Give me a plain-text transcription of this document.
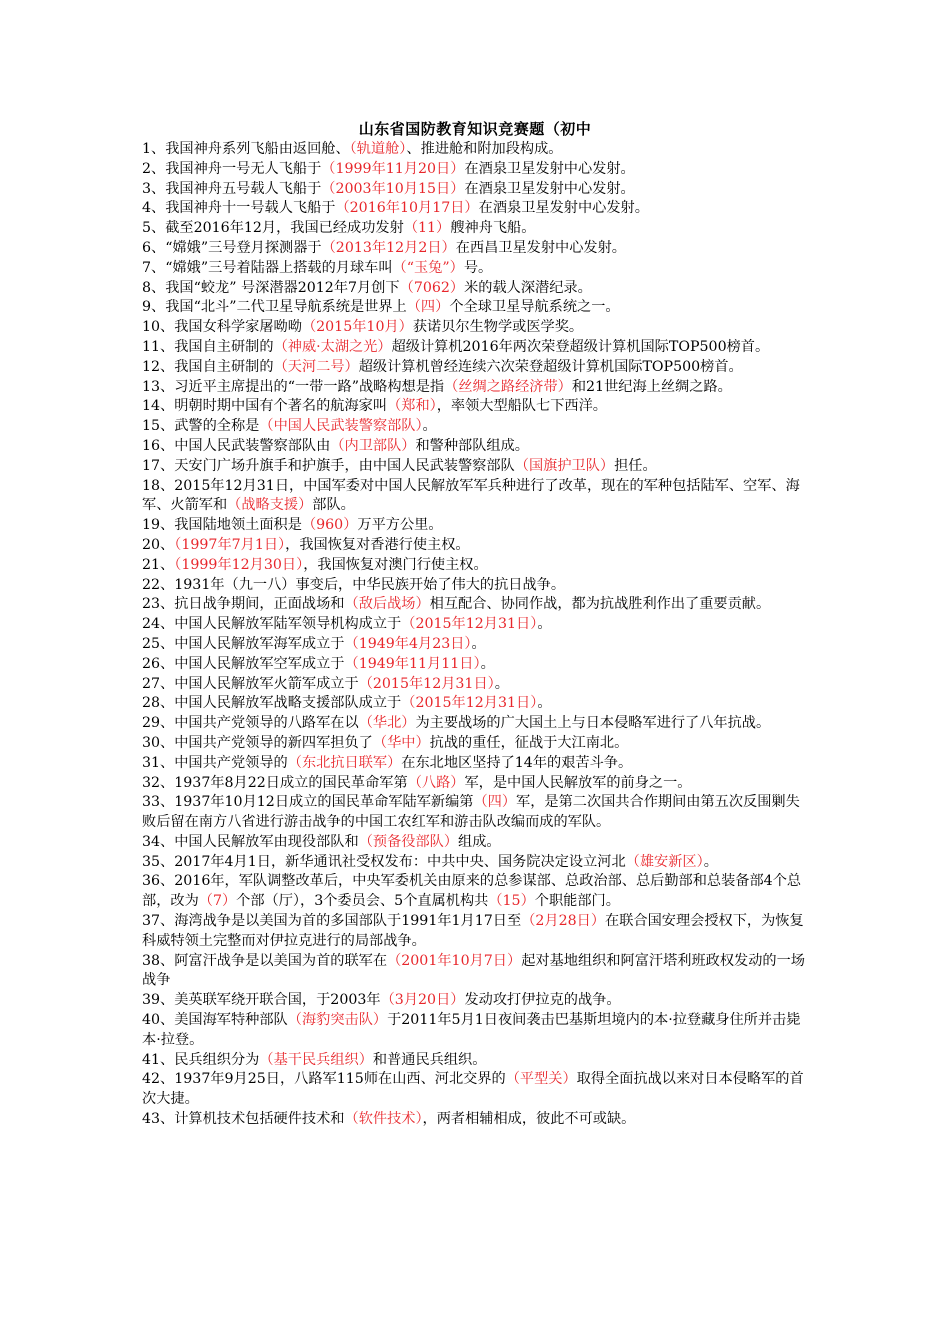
山东省国防教育知识竞赛题（初中
1、我国神舟系列飞船由返回舱、（轨道舱）、推进舱和附加段构成。
2、我国神舟一号无人飞船于（1999年11月20日）在酒泉卫星发射中心发射。
3、我国神舟五号载人飞船于（2003年10月15日）在酒泉卫星发射中心发射。
4、我国神舟十一号载人飞船于（2016年10月17日）在酒泉卫星发射中心发射。
5、截至2016年12月，我国已经成功发射（11）艘神舟飞船。
6、“嫦娥”三号登月探测器于（2013年12月2日）在西昌卫星发射中心发射。
7、“嫦娥”三号着陆器上搭载的月球车叫（“玉兔”）号。
8、我国“蛟龙” 号深潜器2012年7月创下（7062）米的载人深潜纪录。
9、我国“北斗”二代卫星导航系统是世界上（四）个全球卫星导航系统之一。
10、我国女科学家屠呦呦（2015年10月）获诺贝尔生物学或医学奖。
11、我国自主研制的（神威·太湖之光）超级计算机2016年两次荣登超级计算机国际TOP500榜首。
12、我国自主研制的（天河二号）超级计算机曾经连续六次荣登超级计算机国际TOP500榜首。
13、习近平主席提出的“一带一路”战略构想是指（丝绸之路经济带）和21世纪海上丝绸之路。
14、明朝时期中国有个著名的航海家叫（郑和），率领大型船队七下西洋。
15、武警的全称是（中国人民武装警察部队）。
16、中国人民武装警察部队由（内卫部队）和警种部队组成。
17、天安门广场升旗手和护旗手，由中国人民武装警察部队（国旗护卫队）担任。
18、2015年12月31日，中国军委对中国人民解放军军兵种进行了改革，现在的军种包括陆军、空军、海军、火箭军和（战略支援）部队。
19、我国陆地领土面积是（960）万平方公里。
20、（1997年7月1日），我国恢复对香港行使主权。
21、（1999年12月30日），我国恢复对澳门行使主权。
22、1931年（九一八）事变后，中华民族开始了伟大的抗日战争。
23、抗日战争期间，正面战场和（敌后战场）相互配合、协同作战，都为抗战胜利作出了重要贡献。
24、中国人民解放军陆军领导机构成立于（2015年12月31日）。
25、中国人民解放军海军成立于（1949年4月23日）。
26、中国人民解放军空军成立于（1949年11月11日）。
27、中国人民解放军火箭军成立于（2015年12月31日）。
28、中国人民解放军战略支援部队成立于（2015年12月31日）。
29、中国共产党领导的八路军在以（华北）为主要战场的广大国土上与日本侵略军进行了八年抗战。
30、中国共产党领导的新四军担负了（华中）抗战的重任，征战于大江南北。
31、中国共产党领导的（东北抗日联军）在东北地区坚持了14年的艰苦斗争。
32、1937年8月22日成立的国民革命军第（八路）军，是中国人民解放军的前身之一。
33、1937年10月12日成立的国民革命军陆军新编第（四）军，是第二次国共合作期间由第五次反围剿失败后留在南方八省进行游击战争的中国工农红军和游击队改编而成的军队。
34、中国人民解放军由现役部队和（预备役部队）组成。
35、2017年4月1日，新华通讯社受权发布：中共中央、国务院决定设立河北（雄安新区）。
36、2016年，军队调整改革后，中央军委机关由原来的总参谋部、总政治部、总后勤部和总装备部4个总部，改为（7）个部（厅），3个委员会、5个直属机构共（15）个职能部门。
37、海湾战争是以美国为首的多国部队于1991年1月17日至（2月28日）在联合国安理会授权下，为恢复科威特领土完整而对伊拉克进行的局部战争。
38、阿富汗战争是以美国为首的联军在（2001年10月7日）起对基地组织和阿富汗塔利班政权发动的一场战争
39、美英联军绕开联合国，于2003年（3月20日）发动攻打伊拉克的战争。
40、美国海军特种部队（海豹突击队）于2011年5月1日夜间袭击巴基斯坦境内的本·拉登藏身住所并击毙本·拉登。
41、民兵组织分为（基干民兵组织）和普通民兵组织。
42、1937年9月25日，八路军115师在山西、河北交界的（平型关）取得全面抗战以来对日本侵略军的首次大捷。
43、计算机技术包括硬件技术和（软件技术），两者相辅相成，彼此不可或缺。
